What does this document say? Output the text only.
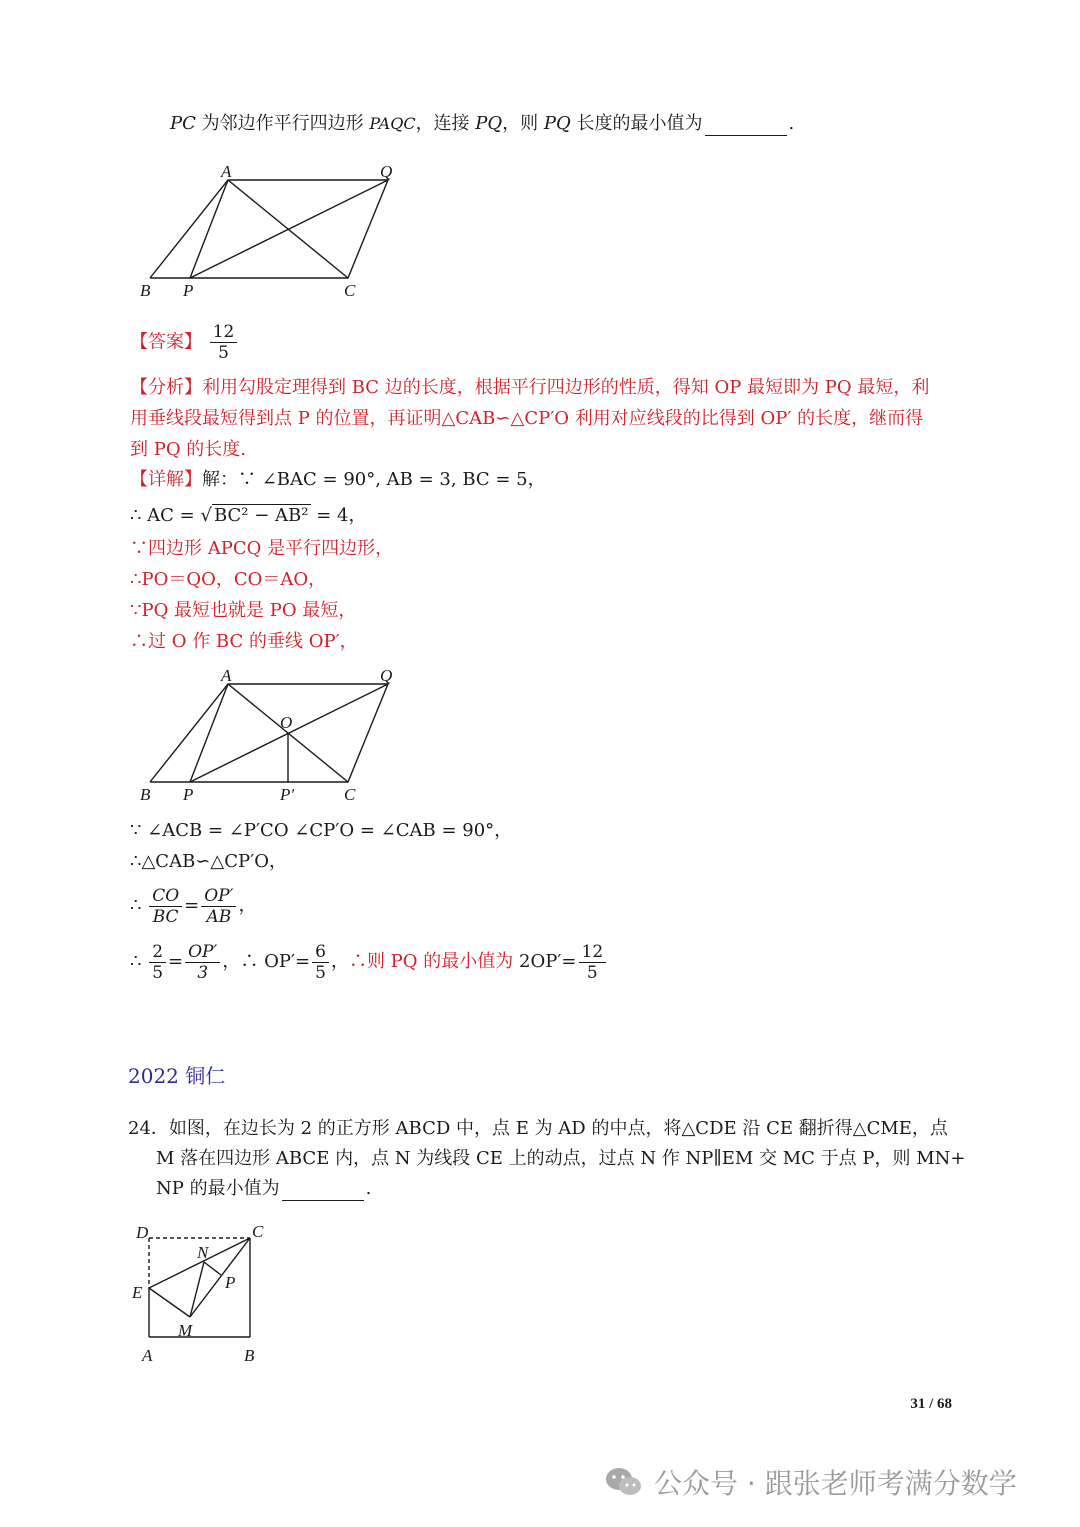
PC 为邻边作平行四边形 PAQC，连接 PQ，则 PQ 长度的最小值为	.
A	Q
B P	C
【答案】 $\frac{12}{5}$
【分析】利用勾股定理得到 BC 边的长度，根据平行四边形的性质，得知 OP 最短即为 PQ 最短，利
用垂线段最短得到点 P 的位置，再证明△CAB∽△CP′O 利用对应线段的比得到 OP′ 的长度，继而得
到 PQ 的长度.
【详解】解：∵ ∠BAC = 90°, AB = 3, BC = 5，
∴ AC = √ BC² − AB² = 4，
∵四边形 APCQ 是平行四边形，
∴PO＝QO，CO＝AO，
∵PQ 最短也就是 PO 最短，
∴过 O 作 BC 的垂线 OP′，
A	Q
O
B P	P′	C
∵ ∠ACB = ∠P′CO ∠CP′O = ∠CAB = 90°，
∴△CAB∽△CP′O，
∴ $\frac{CO}{BC} = \frac{OP'}{AB}$ ，
∴ $\frac{2}{5} = \frac{OP'}{3}$ ，∴ $OP'= \frac{6}{5}$ ，∴则 PQ 的最小值为 $2OP'= \frac{12}{5}$
2022 铜仁
24．如图，在边长为 2 的正方形 ABCD 中，点 E 为 AD 的中点，将△CDE 沿 CE 翻折得△CME，点
M 落在四边形 ABCE 内，点 N 为线段 CE 上的动点，过点 N 作 NP∥EM 交 MC 于点 P，则 MN+
NP 的最小值为	.
D	C
N
P
E
M
A	B
31 / 68
公众号 · 跟张老师考满分数学
